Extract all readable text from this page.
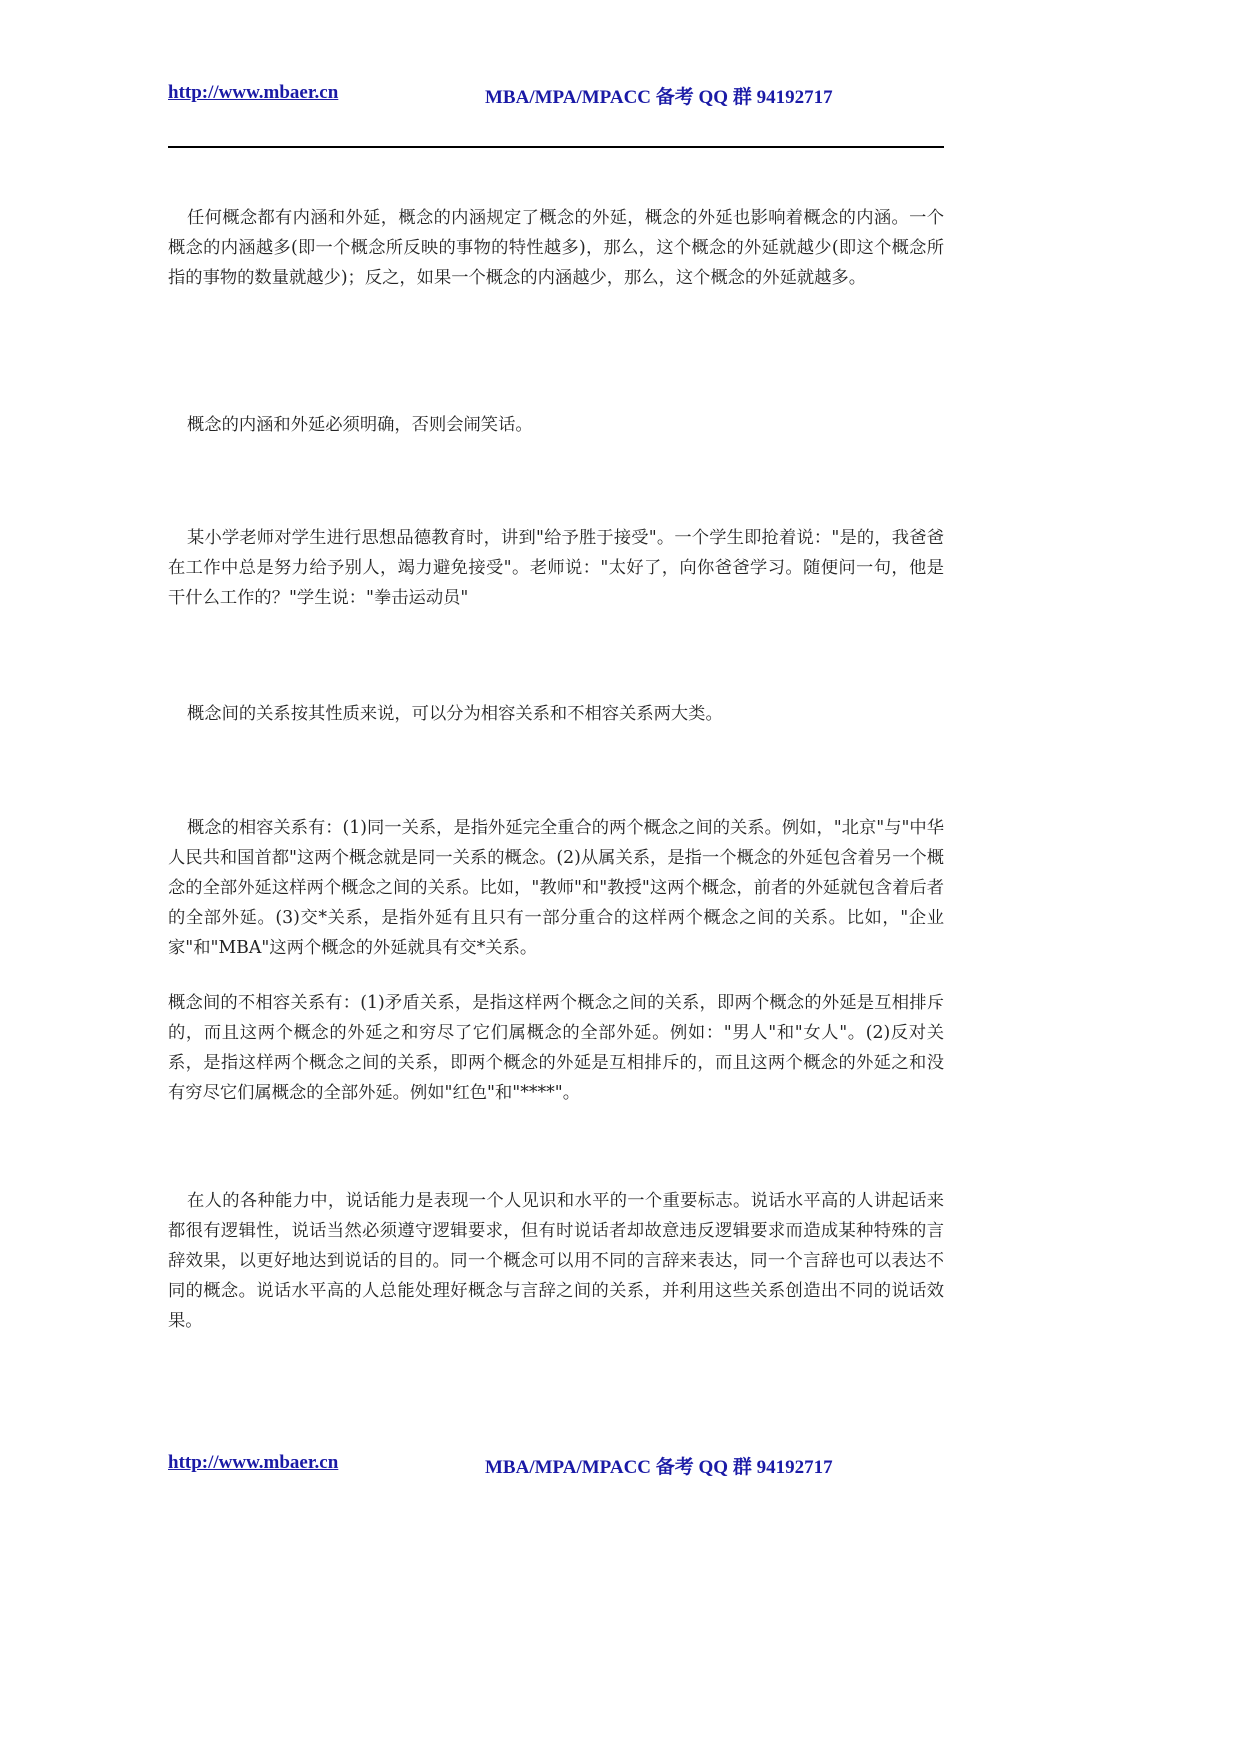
http://www.mbaer.cn	MBA/MPA/MPACC 备考 QQ 群 94192717

任何概念都有内涵和外延，概念的内涵规定了概念的外延，概念的外延也影响着概念的内涵。一个概念的内涵越多(即一个概念所反映的事物的特性越多)，那么，这个概念的外延就越少(即这个概念所指的事物的数量就越少)；反之，如果一个概念的内涵越少，那么，这个概念的外延就越多。

概念的内涵和外延必须明确，否则会闹笑话。

某小学老师对学生进行思想品德教育时，讲到"给予胜于接受"。一个学生即抢着说："是的，我爸爸在工作中总是努力给予别人，竭力避免接受"。老师说："太好了，向你爸爸学习。随便问一句，他是干什么工作的？"学生说："拳击运动员"

概念间的关系按其性质来说，可以分为相容关系和不相容关系两大类。

概念的相容关系有：(1)同一关系，是指外延完全重合的两个概念之间的关系。例如，"北京"与"中华人民共和国首都"这两个概念就是同一关系的概念。(2)从属关系，是指一个概念的外延包含着另一个概念的全部外延这样两个概念之间的关系。比如，"教师"和"教授"这两个概念，前者的外延就包含着后者的全部外延。(3)交*关系，是指外延有且只有一部分重合的这样两个概念之间的关系。比如，"企业家"和"MBA"这两个概念的外延就具有交*关系。

概念间的不相容关系有：(1)矛盾关系，是指这样两个概念之间的关系，即两个概念的外延是互相排斥的，而且这两个概念的外延之和穷尽了它们属概念的全部外延。例如："男人"和"女人"。(2)反对关系，是指这样两个概念之间的关系，即两个概念的外延是互相排斥的，而且这两个概念的外延之和没有穷尽它们属概念的全部外延。例如"红色"和"****"。

在人的各种能力中，说话能力是表现一个人见识和水平的一个重要标志。说话水平高的人讲起话来都很有逻辑性，说话当然必须遵守逻辑要求，但有时说话者却故意违反逻辑要求而造成某种特殊的言辞效果，以更好地达到说话的目的。同一个概念可以用不同的言辞来表达，同一个言辞也可以表达不同的概念。说话水平高的人总能处理好概念与言辞之间的关系，并利用这些关系创造出不同的说话效果。

http://www.mbaer.cn	MBA/MPA/MPACC 备考 QQ 群 94192717
